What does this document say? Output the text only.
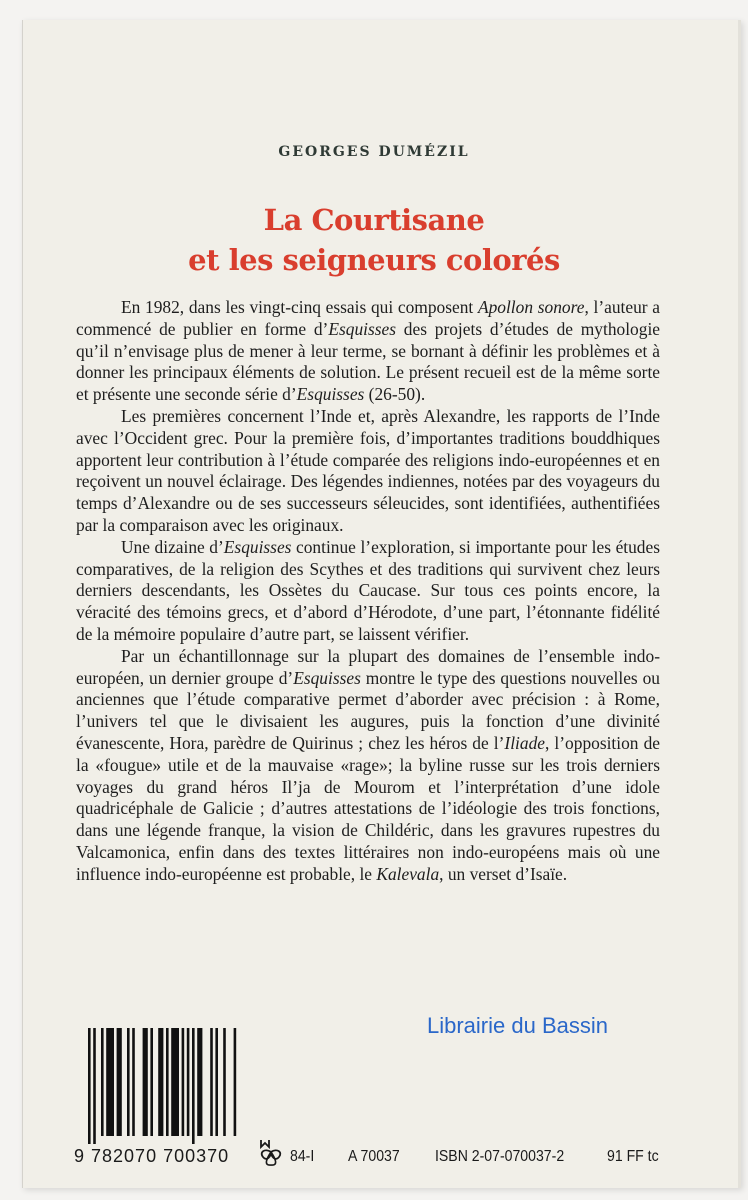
GEORGES DUMÉZIL
La Courtisane
et les seigneurs colorés

En 1982, dans les vingt-cinq essais qui composent Apollon sonore, l’auteur a commencé de publier en forme d’Esquisses des projets d’études de mythologie qu’il n’envisage plus de mener à leur terme, se bornant à définir les problèmes et à donner les principaux éléments de solution. Le présent recueil est de la même sorte et présente une seconde série d’Esquisses (26-50).

Les premières concernent l’Inde et, après Alexandre, les rapports de l’Inde avec l’Occident grec. Pour la première fois, d’importantes traditions bouddhiques apportent leur contribution à l’étude comparée des religions indo-européennes et en reçoivent un nouvel éclairage. Des légendes indiennes, notées par des voyageurs du temps d’Alexandre ou de ses successeurs séleucides, sont identifiées, authentifiées par la comparaison avec les originaux.

Une dizaine d’Esquisses continue l’exploration, si importante pour les études comparatives, de la religion des Scythes et des traditions qui survivent chez leurs derniers descendants, les Ossètes du Caucase. Sur tous ces points encore, la véracité des témoins grecs, et d’abord d’Hérodote, d’une part, l’étonnante fidélité de la mémoire populaire d’autre part, se laissent vérifier.

Par un échantillonnage sur la plupart des domaines de l’ensemble indo-européen, un dernier groupe d’Esquisses montre le type des questions nouvelles ou anciennes que l’étude comparative permet d’aborder avec précision : à Rome, l’univers tel que le divisaient les augures, puis la fonction d’une divinité évanescente, Hora, parèdre de Quirinus ; chez les héros de l’Iliade, l’opposition de la «fougue» utile et de la mauvaise «rage»; la byline russe sur les trois derniers voyages du grand héros Il’ja de Mourom et l’interprétation d’une idole quadricéphale de Galicie ; d’autres attestations de l’idéologie des trois fonctions, dans une légende franque, la vision de Childéric, dans les gravures rupestres du Valcamonica, enfin dans des textes littéraires non indo-européens mais où une influence indo-européenne est probable, le Kalevala, un verset d’Isaïe.

Librairie du Bassin
9 782070 700370	84-I A 70037 ISBN 2-07-070037-2	91 FF tc
